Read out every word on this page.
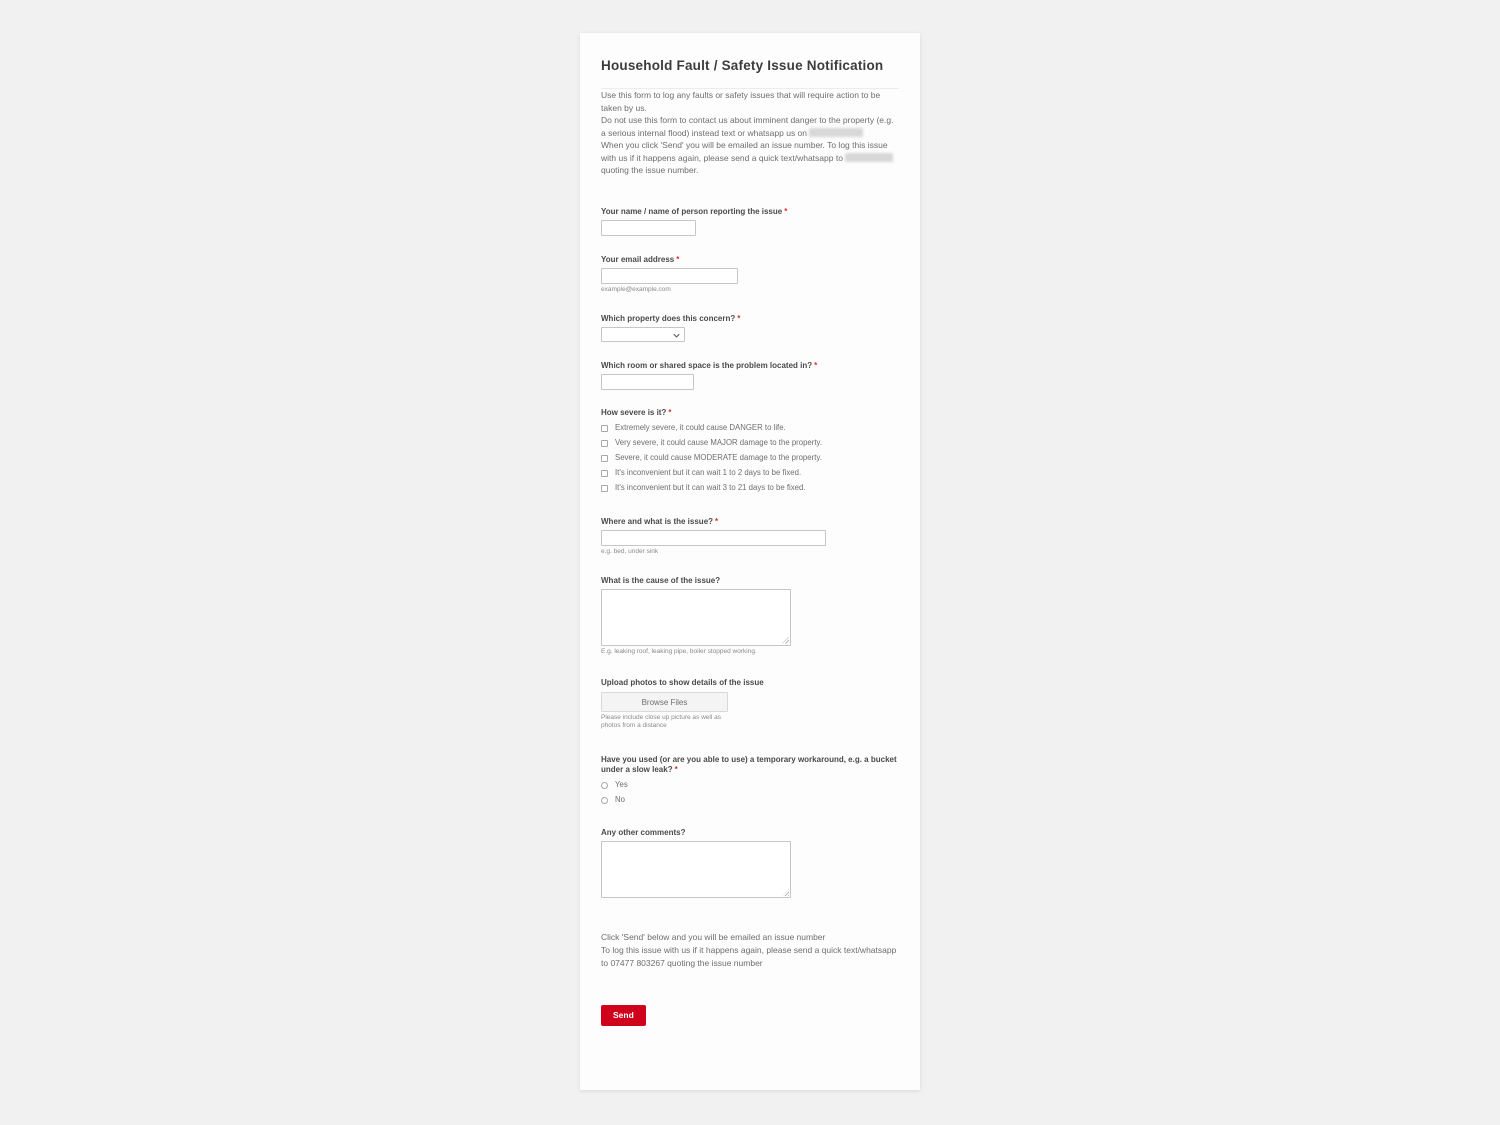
Household Fault / Safety Issue Notification

Use this form to log any faults or safety issues that will require action to be taken by us.

Do not use this form to contact us about imminent danger to the property (e.g. a serious internal flood) instead text or whatsapp us on

When you click 'Send' you will be emailed an issue number. To log this issue with us if it happens again, please send a quick text/whatsapp to  quoting the issue number.

Your name / name of person reporting the issue *
Your email address *
example@example.com
Which property does this concern? *
Which room or shared space is the problem located in? *
How severe is it? *
Extremely severe, it could cause DANGER to life.
Very severe, it could cause MAJOR damage to the property.
Severe, it could cause MODERATE damage to the property.
It's inconvenient but it can wait 1 to 2 days to be fixed.
It's inconvenient but it can wait 3 to 21 days to be fixed.
Where and what is the issue? *
e.g. bed, under sink
What is the cause of the issue?
E.g. leaking roof, leaking pipe, boiler stopped working.
Upload photos to show details of the issue
Browse Files
Please include close up picture as well as photos from a distance
Have you used (or are you able to use) a temporary workaround, e.g. a bucket under a slow leak? *
Yes
No
Any other comments?

Click 'Send' below and you will be emailed an issue number

To log this issue with us if it happens again, please send a quick text/whatsapp to 07477 803267 quoting the issue number

Send
